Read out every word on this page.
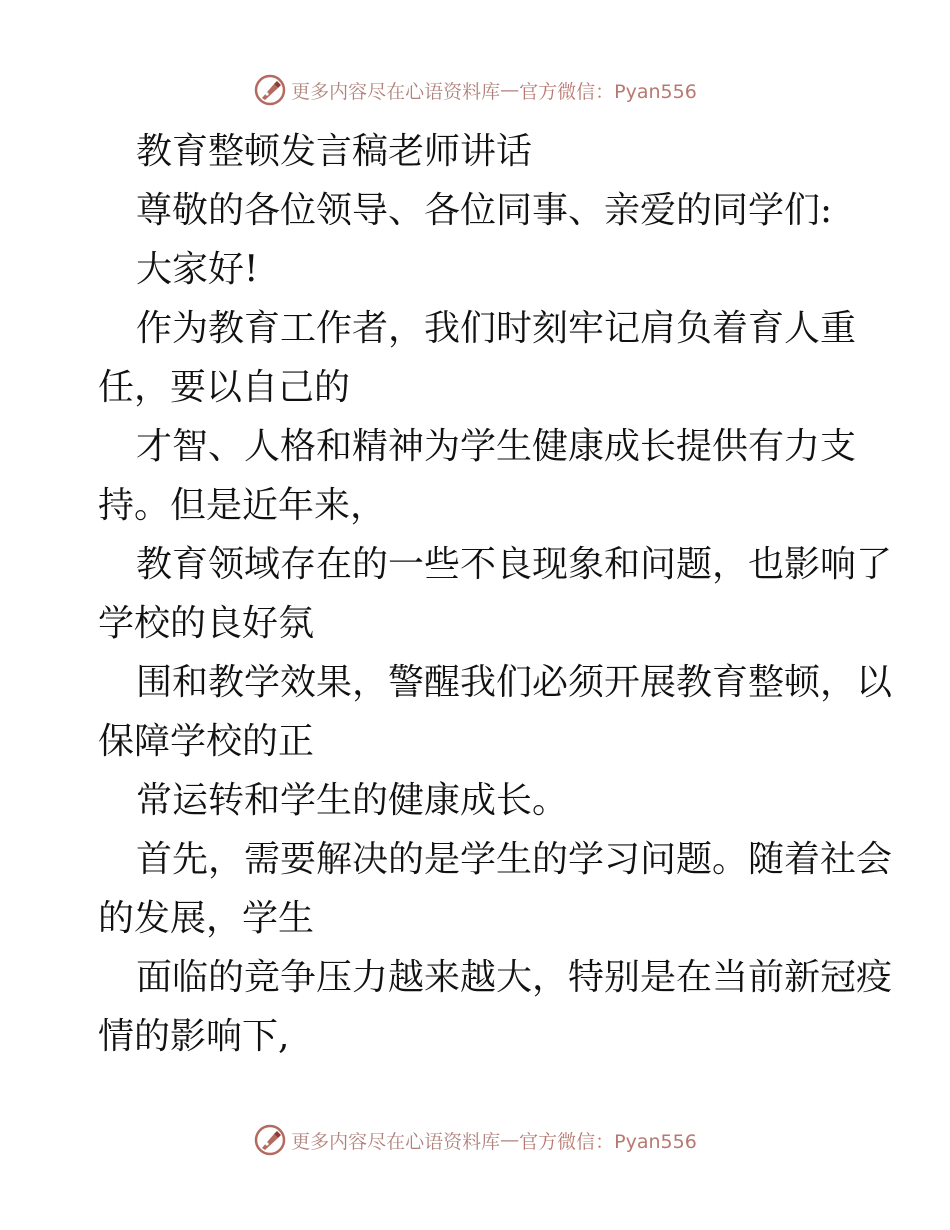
更多内容尽在心语资料库 — 官方微信：Pyan556
教育整顿发言稿老师讲话
尊敬的各位领导、各位同事、亲爱的同学们:
大家好!
作为教育工作者，我们时刻牢记肩负着育人重
任，要以自己的
才智、人格和精神为学生健康成长提供有力支
持。但是近年来，
教育领域存在的一些不良现象和问题，也影响了
学校的良好氛
围和教学效果，警醒我们必须开展教育整顿，以
保障学校的正
常运转和学生的健康成长。
首先，需要解决的是学生的学习问题。随着社会
的发展，学生
面临的竞争压力越来越大，特别是在当前新冠疫
情的影响下,
更多内容尽在心语资料库 — 官方微信：Pyan556
